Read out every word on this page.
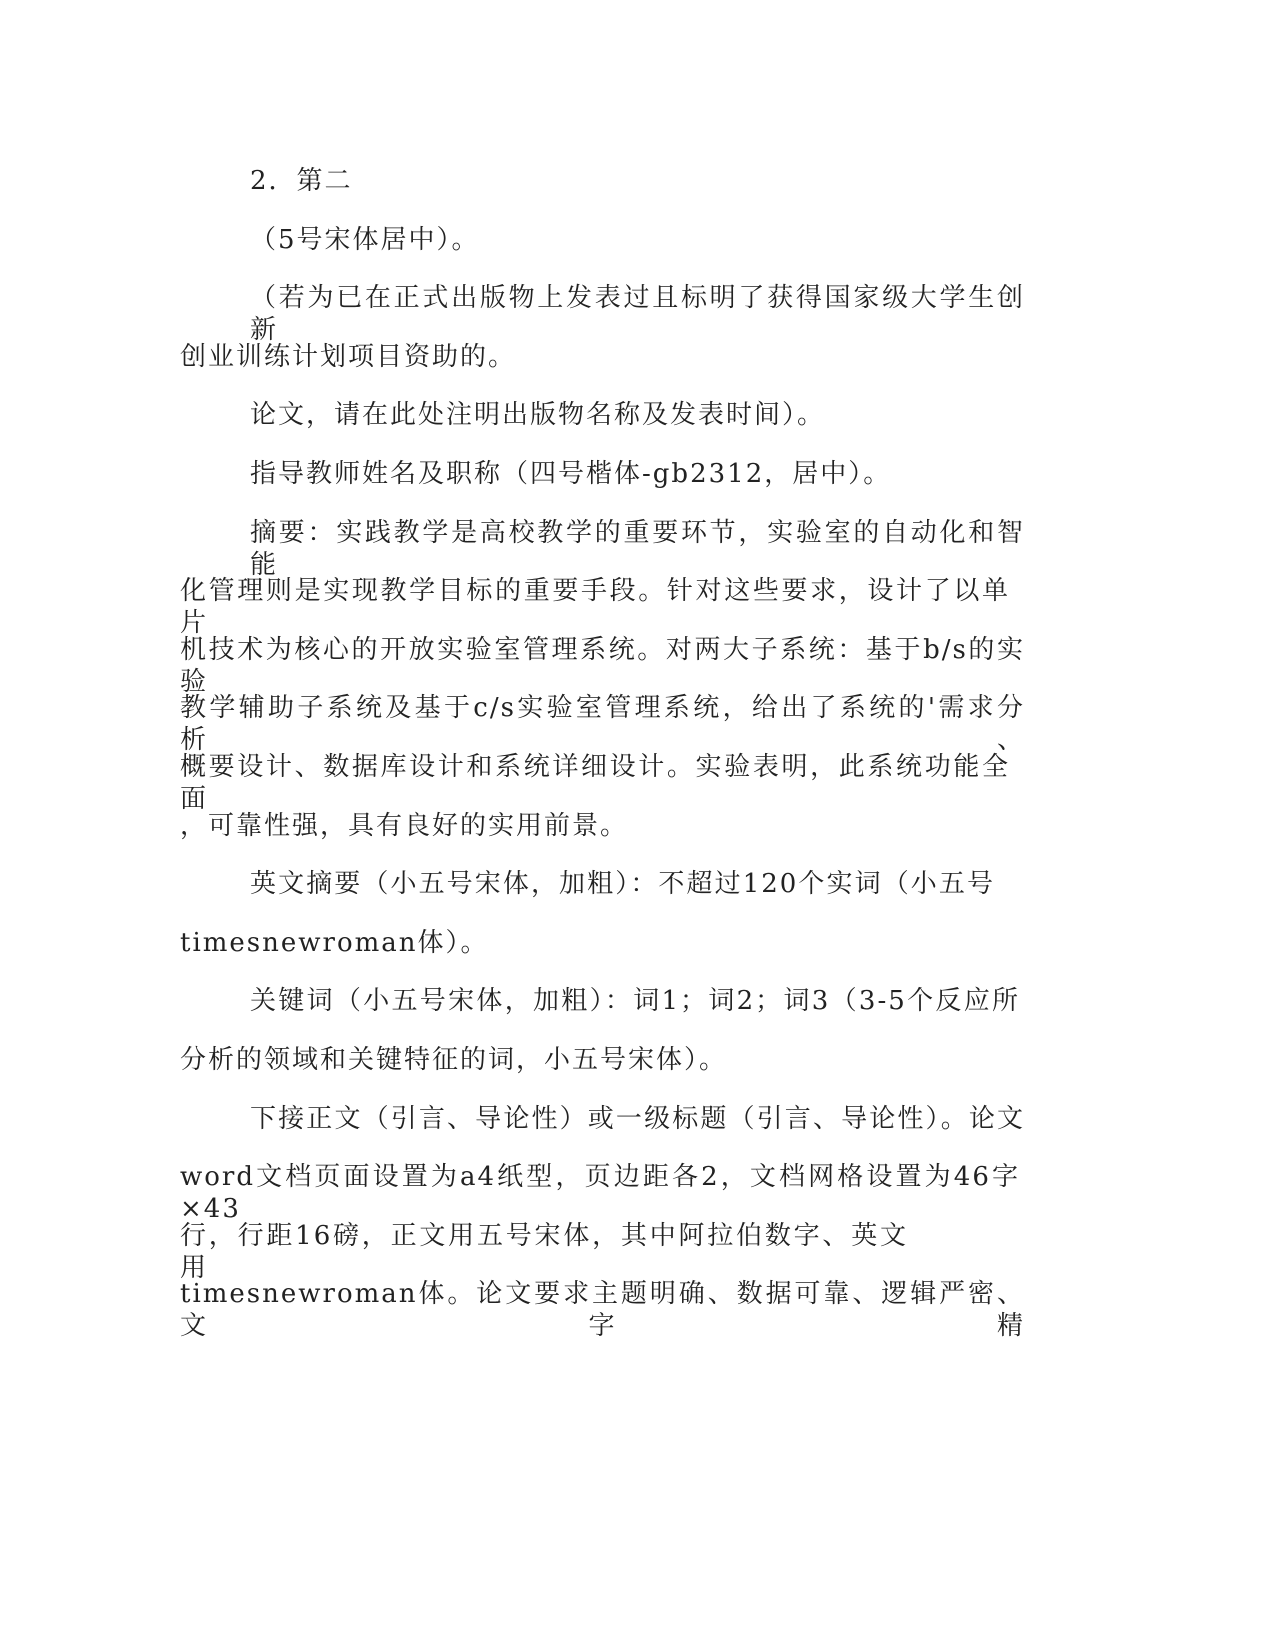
2．第二
（5号宋体居中）。
（若为已在正式出版物上发表过且标明了获得国家级大学生创新
创业训练计划项目资助的。
论文，请在此处注明出版物名称及发表时间）。
指导教师姓名及职称（四号楷体-gb2312，居中）。
摘要：实践教学是高校教学的重要环节，实验室的自动化和智能
化管理则是实现教学目标的重要手段。针对这些要求，设计了以单片
机技术为核心的开放实验室管理系统。对两大子系统：基于b/s的实验
教学辅助子系统及基于c/s实验室管理系统，给出了系统的'需求分析、
概要设计、数据库设计和系统详细设计。实验表明，此系统功能全面
，可靠性强，具有良好的实用前景。
英文摘要（小五号宋体，加粗）：不超过120个实词（小五号
timesnewroman体）。
关键词（小五号宋体，加粗）：词1；词2；词3（3-5个反应所
分析的领域和关键特征的词，小五号宋体）。
下接正文（引言、导论性）或一级标题（引言、导论性）。论文
word文档页面设置为a4纸型，页边距各2，文档网格设置为46字×43
行，行距16磅，正文用五号宋体，其中阿拉伯数字、英文用
timesnewroman体。论文要求主题明确、数据可靠、逻辑严密、文字精
